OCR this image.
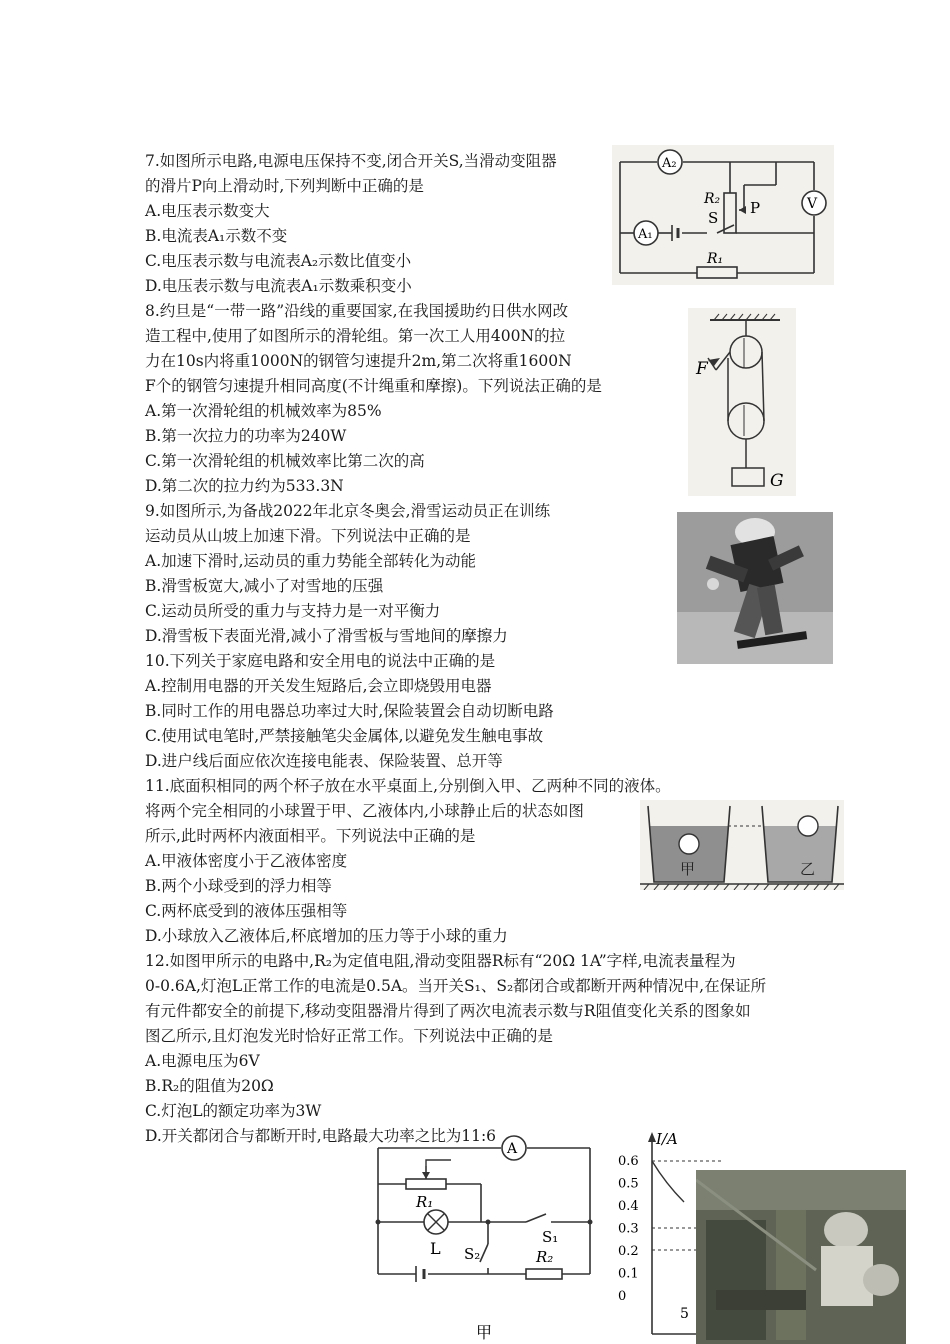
7.如图所示电路,电源电压保持不变,闭合开关S,当滑动变阻器
的滑片P向上滑动时,下列判断中正确的是
A.电压表示数变大
B.电流表A₁示数不变
C.电压表示数与电流表A₂示数比值变小
D.电压表示数与电流表A₁示数乘积变小
A₂
V
A₁
R₂ P
S
R₁
8.约旦是“一带一路”沿线的重要国家,在我国援助约日供水网改
造工程中,使用了如图所示的滑轮组。第一次工人用400N的拉
力在10s内将重1000N的钢管匀速提升2m,第二次将重1600N
F个的钢管匀速提升相同高度(不计绳重和摩擦)。下列说法正确的是
A.第一次滑轮组的机械效率为85%
B.第一次拉力的功率为240W
C.第一次滑轮组的机械效率比第二次的高
D.第二次的拉力约为533.3N
F
G
9.如图所示,为备战2022年北京冬奥会,滑雪运动员正在训练
运动员从山坡上加速下滑。下列说法中正确的是
A.加速下滑时,运动员的重力势能全部转化为动能
B.滑雪板宽大,减小了对雪地的压强
C.运动员所受的重力与支持力是一对平衡力
D.滑雪板下表面光滑,减小了滑雪板与雪地间的摩擦力
10.下列关于家庭电路和安全用电的说法中正确的是
A.控制用电器的开关发生短路后,会立即烧毁用电器
B.同时工作的用电器总功率过大时,保险装置会自动切断电路
C.使用试电笔时,严禁接触笔尖金属体,以避免发生触电事故
D.进户线后面应依次连接电能表、保险装置、总开等
11.底面积相同的两个杯子放在水平桌面上,分别倒入甲、乙两种不同的液体。
将两个完全相同的小球置于甲、乙液体内,小球静止后的状态如图
所示,此时两杯内液面相平。下列说法中正确的是
A.甲液体密度小于乙液体密度
B.两个小球受到的浮力相等
C.两杯底受到的液体压强相等
D.小球放入乙液体后,杯底增加的压力等于小球的重力
甲	乙
12.如图甲所示的电路中,R₂为定值电阻,滑动变阻器R标有“20Ω 1A”字样,电流表量程为
0-0.6A,灯泡L正常工作的电流是0.5A。当开关S₁、S₂都闭合或都断开两种情况中,在保证所
有元件都安全的前提下,移动变阻器滑片得到了两次电流表示数与R阻值变化关系的图象如
图乙所示,且灯泡发光时恰好正常工作。下列说法中正确的是
A.电源电压为6V
B.R₂的阻值为20Ω
C.灯泡L的额定功率为3W
D.开关都闭合与都断开时,电路最大功率之比为11:6
A
R₁
L S₂
S₁
R₂
甲
I/A
0.6
0.5
0.4
0.3
0.2
0.1
0
5
